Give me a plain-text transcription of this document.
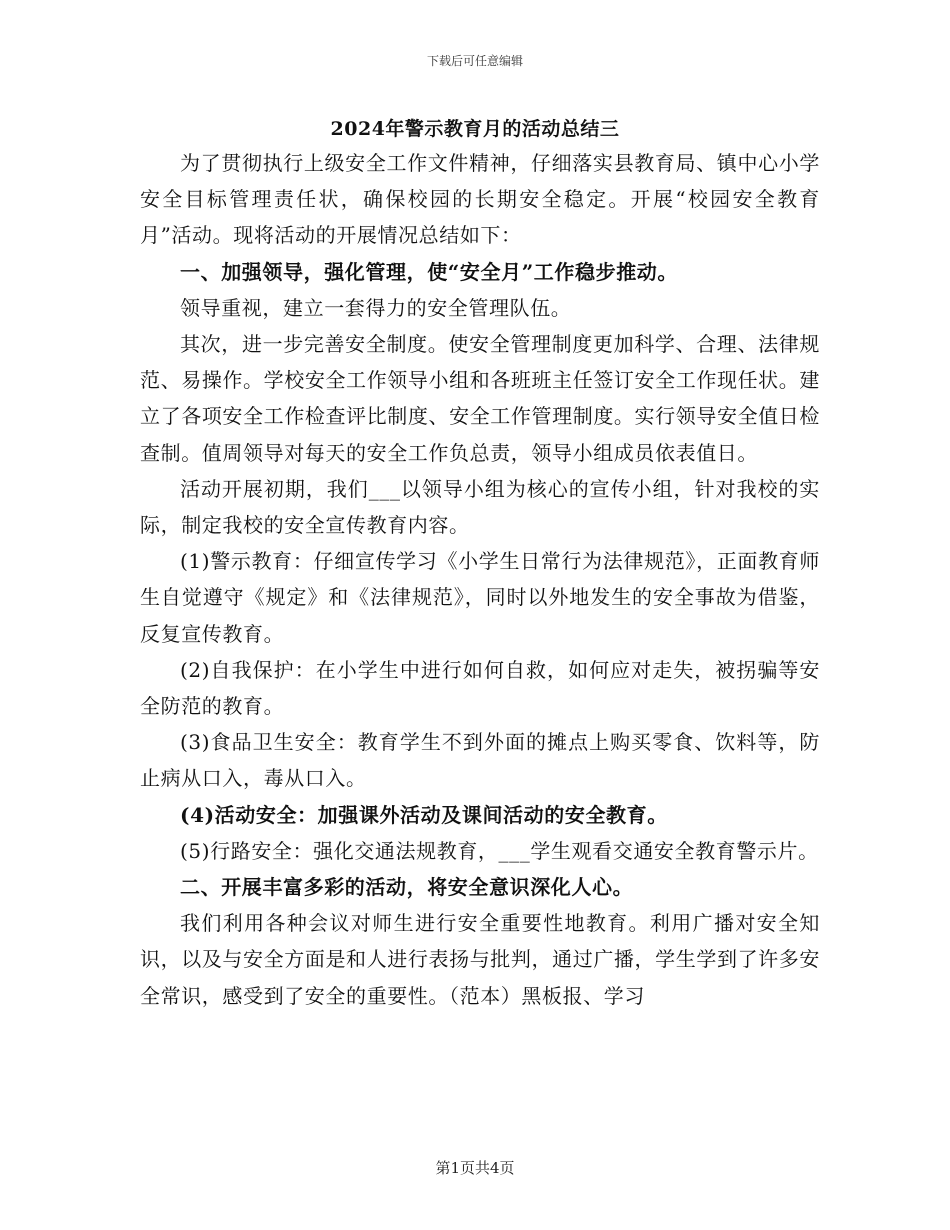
下载后可任意编辑
2024年警示教育月的活动总结三

为了贯彻执行上级安全工作文件精神，仔细落实县教育局、镇中心小学安全目标管理责任状，确保校园的长期安全稳定。开展“校园安全教育月”活动。现将活动的开展情况总结如下：

一、加强领导，强化管理，使“安全月”工作稳步推动。

领导重视，建立一套得力的安全管理队伍。

其次，进一步完善安全制度。使安全管理制度更加科学、合理、法律规范、易操作。学校安全工作领导小组和各班班主任签订安全工作现任状。建立了各项安全工作检查评比制度、安全工作管理制度。实行领导安全值日检查制。值周领导对每天的安全工作负总责，领导小组成员依表值日。

活动开展初期，我们___以领导小组为核心的宣传小组，针对我校的实际，制定我校的安全宣传教育内容。

(1)警示教育：仔细宣传学习《小学生日常行为法律规范》，正面教育师生自觉遵守《规定》和《法律规范》，同时以外地发生的安全事故为借鉴，反复宣传教育。

(2)自我保护：在小学生中进行如何自救，如何应对走失，被拐骗等安全防范的教育。

(3)食品卫生安全：教育学生不到外面的摊点上购买零食、饮料等，防止病从口入，毒从口入。

(4)活动安全：加强课外活动及课间活动的安全教育。

(5)行路安全：强化交通法规教育，___学生观看交通安全教育警示片。

二、开展丰富多彩的活动，将安全意识深化人心。

我们利用各种会议对师生进行安全重要性地教育。利用广播对安全知识，以及与安全方面是和人进行表扬与批判，通过广播，学生学到了许多安全常识，感受到了安全的重要性。（范本）黑板报、学习

第1页共4页
